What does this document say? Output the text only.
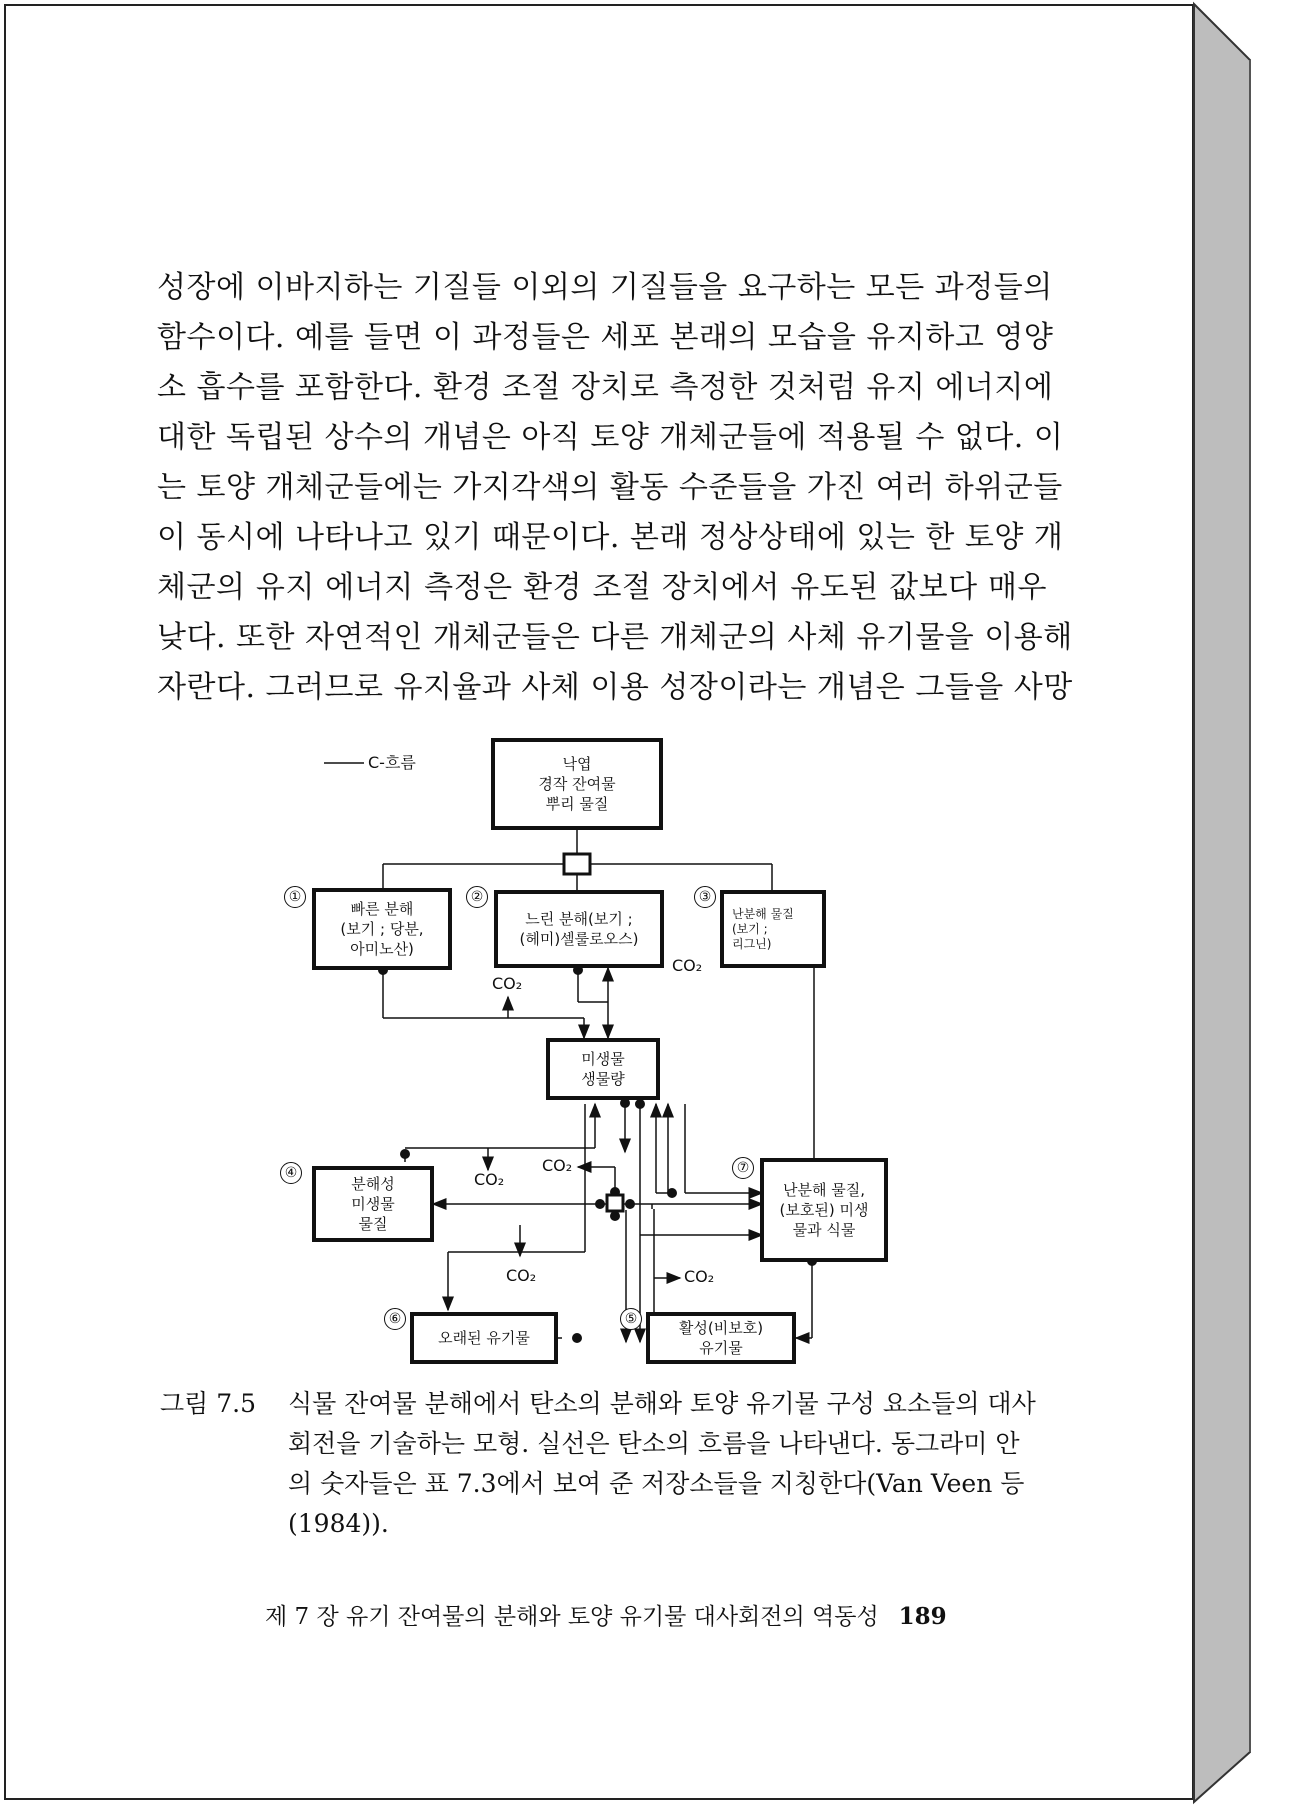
성장에 이바지하는 기질들 이외의 기질들을 요구하는 모든 과정들의
함수이다. 예를 들면 이 과정들은 세포 본래의 모습을 유지하고 영양
소 흡수를 포함한다. 환경 조절 장치로 측정한 것처럼 유지 에너지에
대한 독립된 상수의 개념은 아직 토양 개체군들에 적용될 수 없다. 이
는 토양 개체군들에는 가지각색의 활동 수준들을 가진 여러 하위군들
이 동시에 나타나고 있기 때문이다. 본래 정상상태에 있는 한 토양 개
체군의 유지 에너지 측정은 환경 조절 장치에서 유도된 값보다 매우
낮다. 또한 자연적인 개체군들은 다른 개체군의 사체 유기물을 이용해
자란다. 그러므로 유지율과 사체 이용 성장이라는 개념은 그들을 사망
C-흐름	낙엽
경작 잔여물
뿌리 물질
①
빠른 분해
(보기 ; 당분,
아미노산)
②
느린 분해(보기 ;
(헤미)셀룰로오스)
③
난분해 물질
(보기 ;
리그닌)
CO₂
CO₂
미생물
생물량
④
분해성
미생물
물질
CO₂
CO₂
⑦
난분해 물질,
(보호된) 미생
물과 식물
CO₂	CO₂
⑥
오래된 유기물
⑤	활성(비보호)
유기물
그림 7.5 식물 잔여물 분해에서 탄소의 분해와 토양 유기물 구성 요소들의 대사
회전을 기술하는 모형. 실선은 탄소의 흐름을 나타낸다. 동그라미 안
의 숫자들은 표 7.3에서 보여 준 저장소들을 지칭한다(Van Veen 등
(1984)).
제 7 장 유기 잔여물의 분해와 토양 유기물 대사회전의 역동성 189
